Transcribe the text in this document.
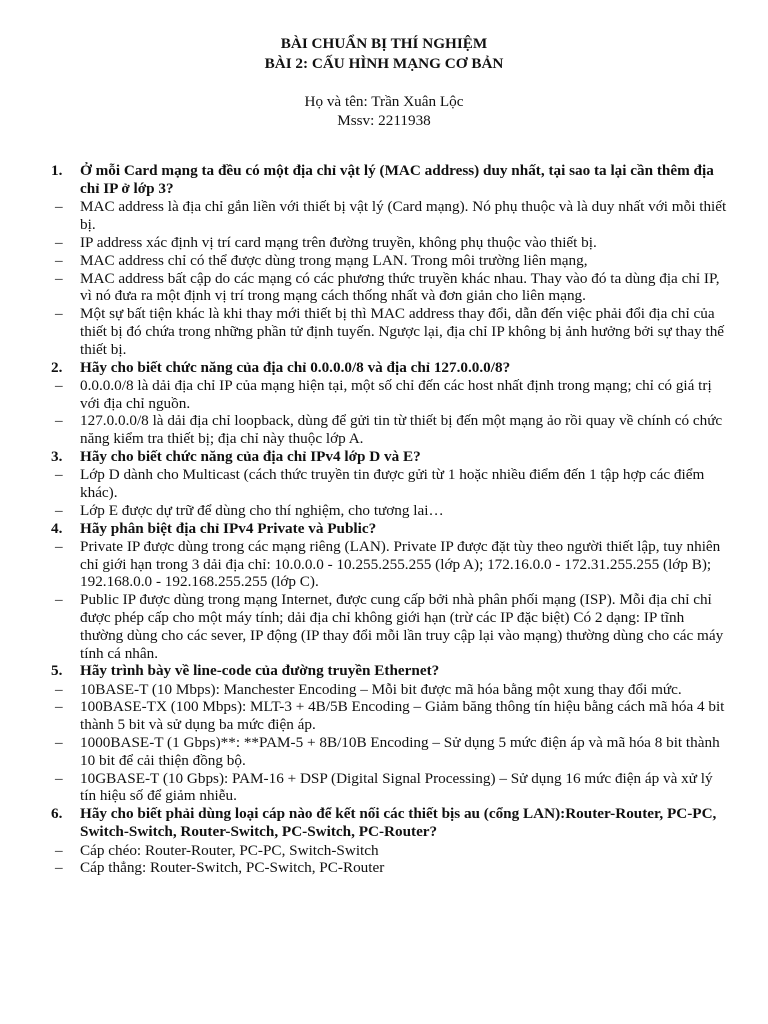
BÀI CHUẨN BỊ THÍ NGHIỆM
BÀI 2: CẤU HÌNH MẠNG CƠ BẢN
Họ và tên: Trần Xuân Lộc
Mssv: 2211938
1. Ở mỗi Card mạng ta đều có một địa chỉ vật lý (MAC address) duy nhất, tại sao ta lại cần thêm địa chỉ IP ở lớp 3?
– MAC address là địa chỉ gắn liền với thiết bị vật lý (Card mạng). Nó phụ thuộc và là duy nhất với mỗi thiết bị.
– IP address xác định vị trí card mạng trên đường truyền, không phụ thuộc vào thiết bị.
– MAC address chỉ có thể được dùng trong mạng LAN. Trong môi trường liên mạng,
– MAC address bất cập do các mạng có các phương thức truyền khác nhau. Thay vào đó ta dùng địa chỉ IP, vì nó đưa ra một định vị trí trong mạng cách thống nhất và đơn giản cho liên mạng.
– Một sự bất tiện khác là khi thay mới thiết bị thì MAC address thay đổi, dẫn đến việc phải đổi địa chỉ của thiết bị đó chứa trong những phần tử định tuyến. Ngược lại, địa chỉ IP không bị ảnh hưởng bởi sự thay thế thiết bị.
2. Hãy cho biết chức năng của địa chỉ 0.0.0.0/8 và địa chỉ 127.0.0.0/8?
– 0.0.0.0/8 là dải địa chỉ IP của mạng hiện tại, một số chỉ đến các host nhất định trong mạng; chỉ có giá trị với địa chỉ nguồn.
– 127.0.0.0/8 là dải địa chỉ loopback, dùng để gửi tin từ thiết bị đến một mạng ảo rồi quay về chính có chức năng kiểm tra thiết bị; địa chỉ này thuộc lớp A.
3. Hãy cho biết chức năng của địa chỉ IPv4 lớp D và E?
– Lớp D dành cho Multicast (cách thức truyền tin được gửi từ 1 hoặc nhiều điểm đến 1 tập hợp các điểm khác).
– Lớp E được dự trữ để dùng cho thí nghiệm, cho tương lai…
4. Hãy phân biệt địa chỉ IPv4 Private và Public?
– Private IP được dùng trong các mạng riêng (LAN). Private IP được đặt tùy theo người thiết lập, tuy nhiên chỉ giới hạn trong 3 dải địa chỉ: 10.0.0.0 - 10.255.255.255 (lớp A); 172.16.0.0 - 172.31.255.255 (lớp B); 192.168.0.0 - 192.168.255.255 (lớp C).
– Public IP được dùng trong mạng Internet, được cung cấp bởi nhà phân phối mạng (ISP). Mỗi địa chỉ chỉ được phép cấp cho một máy tính; dải địa chỉ không giới hạn (trừ các IP đặc biệt) Có 2 dạng: IP tĩnh thường dùng cho các sever, IP động (IP thay đổi mỗi lần truy cập lại vào mạng) thường dùng cho các máy tính cá nhân.
5. Hãy trình bày về line-code của đường truyền Ethernet?
– 10BASE-T (10 Mbps): Manchester Encoding – Mỗi bit được mã hóa bằng một xung thay đổi mức.
– 100BASE-TX (100 Mbps): MLT-3 + 4B/5B Encoding – Giảm băng thông tín hiệu bằng cách mã hóa 4 bit thành 5 bit và sử dụng ba mức điện áp.
– 1000BASE-T (1 Gbps)**: **PAM-5 + 8B/10B Encoding – Sử dụng 5 mức điện áp và mã hóa 8 bit thành 10 bit để cải thiện đồng bộ.
– 10GBASE-T (10 Gbps): PAM-16 + DSP (Digital Signal Processing) – Sử dụng 16 mức điện áp và xử lý tín hiệu số để giảm nhiễu.
6. Hãy cho biết phải dùng loại cáp nào để kết nối các thiết bịs au (cổng LAN):Router-Router, PC-PC, Switch-Switch, Router-Switch, PC-Switch, PC-Router?
– Cáp chéo: Router-Router, PC-PC, Switch-Switch
– Cáp thẳng: Router-Switch, PC-Switch, PC-Router
